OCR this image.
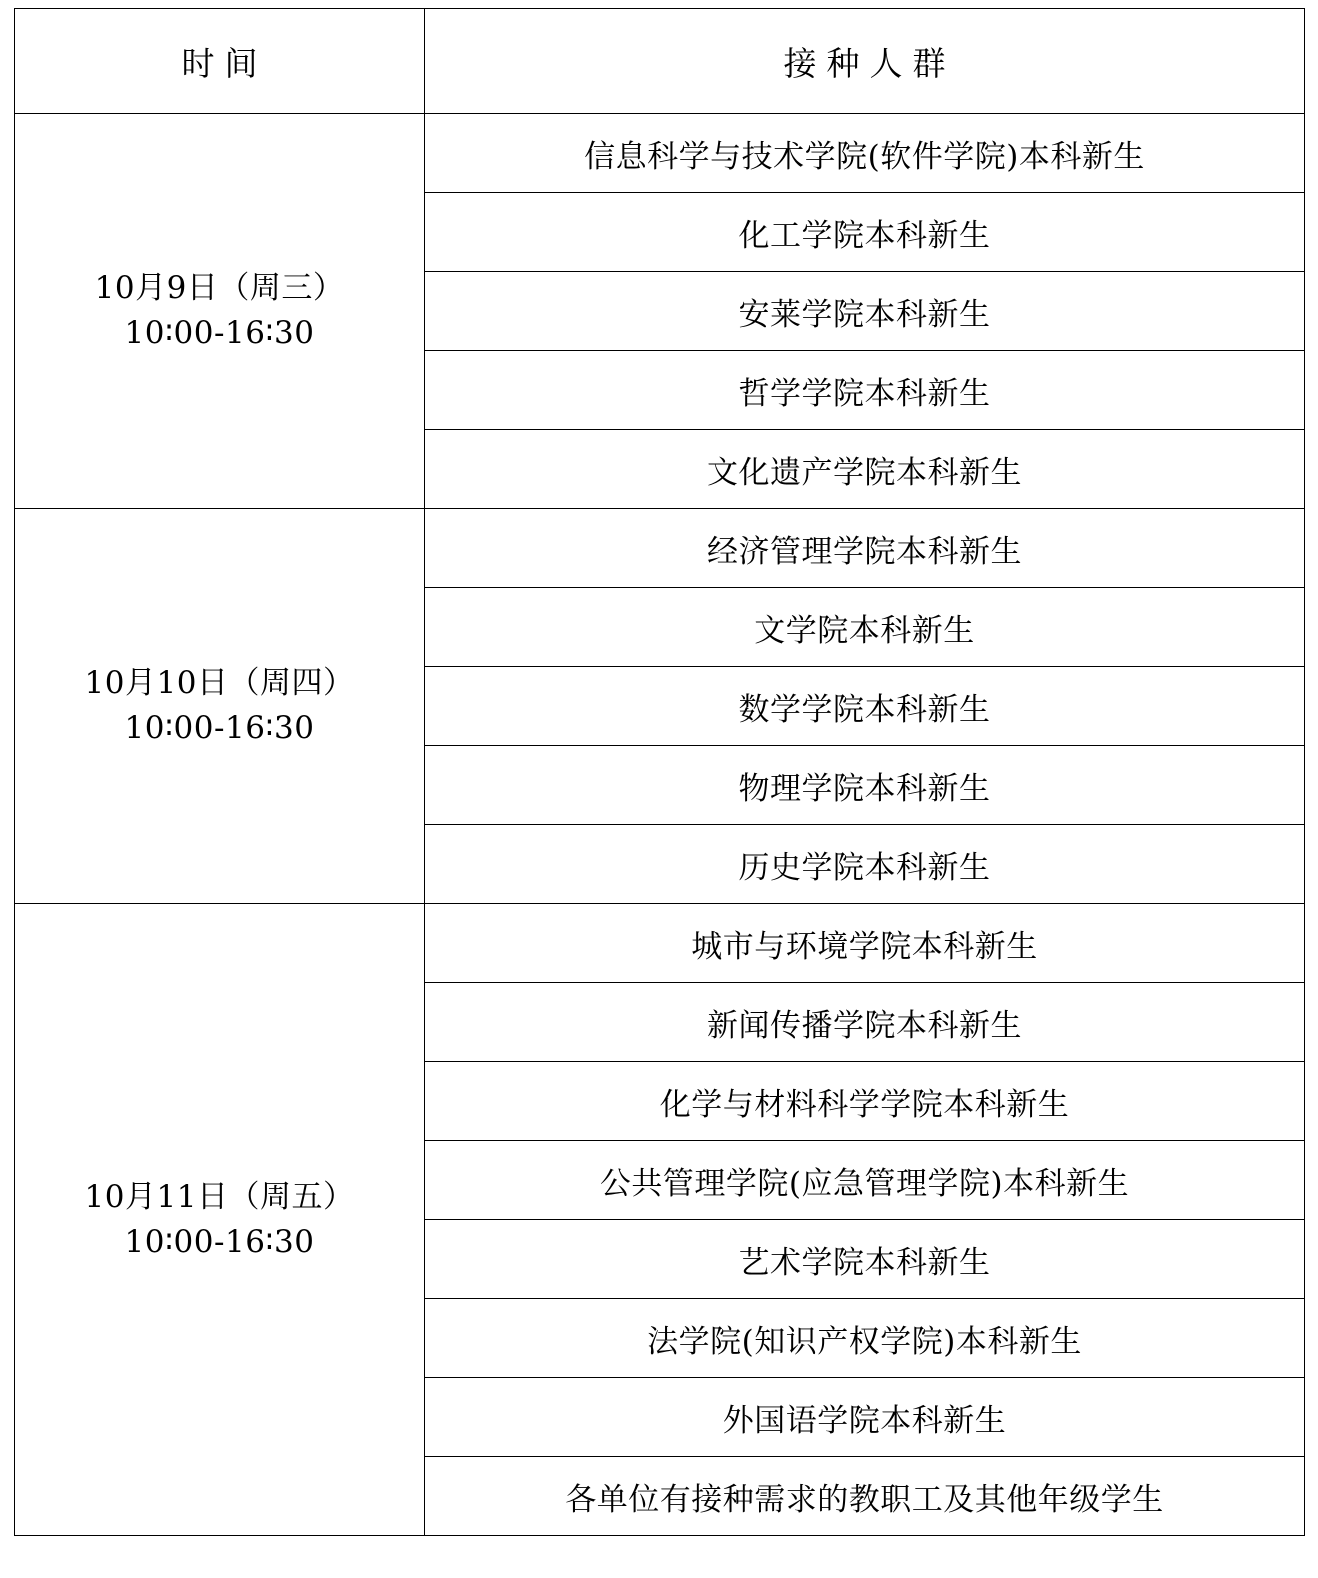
时间	接种人群
10月9日（周三）
10∶00-16∶30	信息科学与技术学院(软件学院)本科新生
	化工学院本科新生
	安莱学院本科新生
	哲学学院本科新生
	文化遗产学院本科新生
10月10日（周四）
10∶00-16∶30	经济管理学院本科新生
	文学院本科新生
	数学学院本科新生
	物理学院本科新生
	历史学院本科新生
10月11日（周五）
10∶00-16∶30	城市与环境学院本科新生
	新闻传播学院本科新生
	化学与材料科学学院本科新生
	公共管理学院(应急管理学院)本科新生
	艺术学院本科新生
	法学院(知识产权学院)本科新生
	外国语学院本科新生
	各单位有接种需求的教职工及其他年级学生
